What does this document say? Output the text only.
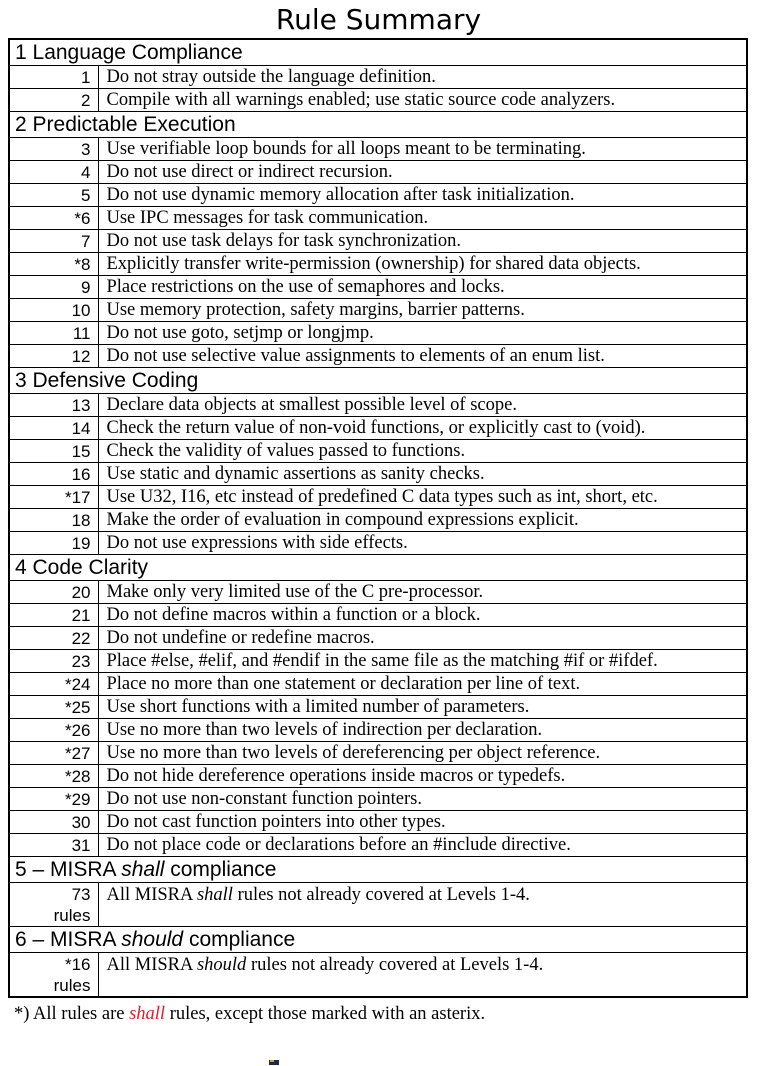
Rule Summary
1 Language Compliance	

1	Do not stray outside the language definition.

2	Compile with all warnings enabled; use static source code analyzers.
2 Predictable Execution	

3	Use verifiable loop bounds for all loops meant to be terminating.

4	Do not use direct or indirect recursion.

5	Do not use dynamic memory allocation after task initialization.

*6	Use IPC messages for task communication.

7	Do not use task delays for task synchronization.

*8	Explicitly transfer write-permission (ownership) for shared data objects.

9	Place restrictions on the use of semaphores and locks.

10	Use memory protection, safety margins, barrier patterns.

11	Do not use goto, setjmp or longjmp.

12	Do not use selective value assignments to elements of an enum list.
3 Defensive Coding	

13	Declare data objects at smallest possible level of scope.

14	Check the return value of non-void functions, or explicitly cast to (void).

15	Check the validity of values passed to functions.

16	Use static and dynamic assertions as sanity checks.

*17	Use U32, I16, etc instead of predefined C data types such as int, short, etc.

18	Make the order of evaluation in compound expressions explicit.

19	Do not use expressions with side effects.
4 Code Clarity	

20	Make only very limited use of the C pre-processor.

21	Do not define macros within a function or a block.

22	Do not undefine or redefine macros.

23	Place #else, #elif, and #endif in the same file as the matching #if or #ifdef.

*24	Place no more than one statement or declaration per line of text.

*25	Use short functions with a limited number of parameters.

*26	Use no more than two levels of indirection per declaration.

*27	Use no more than two levels of dereferencing per object reference.

*28	Do not hide dereference operations inside macros or typedefs.

*29	Do not use non-constant function pointers.

30	Do not cast function pointers into other types.

31	Do not place code or declarations before an #include directive.
5 – MISRA shall compliance	

73
rules	All MISRA shall rules not already covered at Levels 1-4.
6 – MISRA should compliance	

*16
rules	All MISRA should rules not already covered at Levels 1-4.
*) All rules are shall rules, except those marked with an asterix.
